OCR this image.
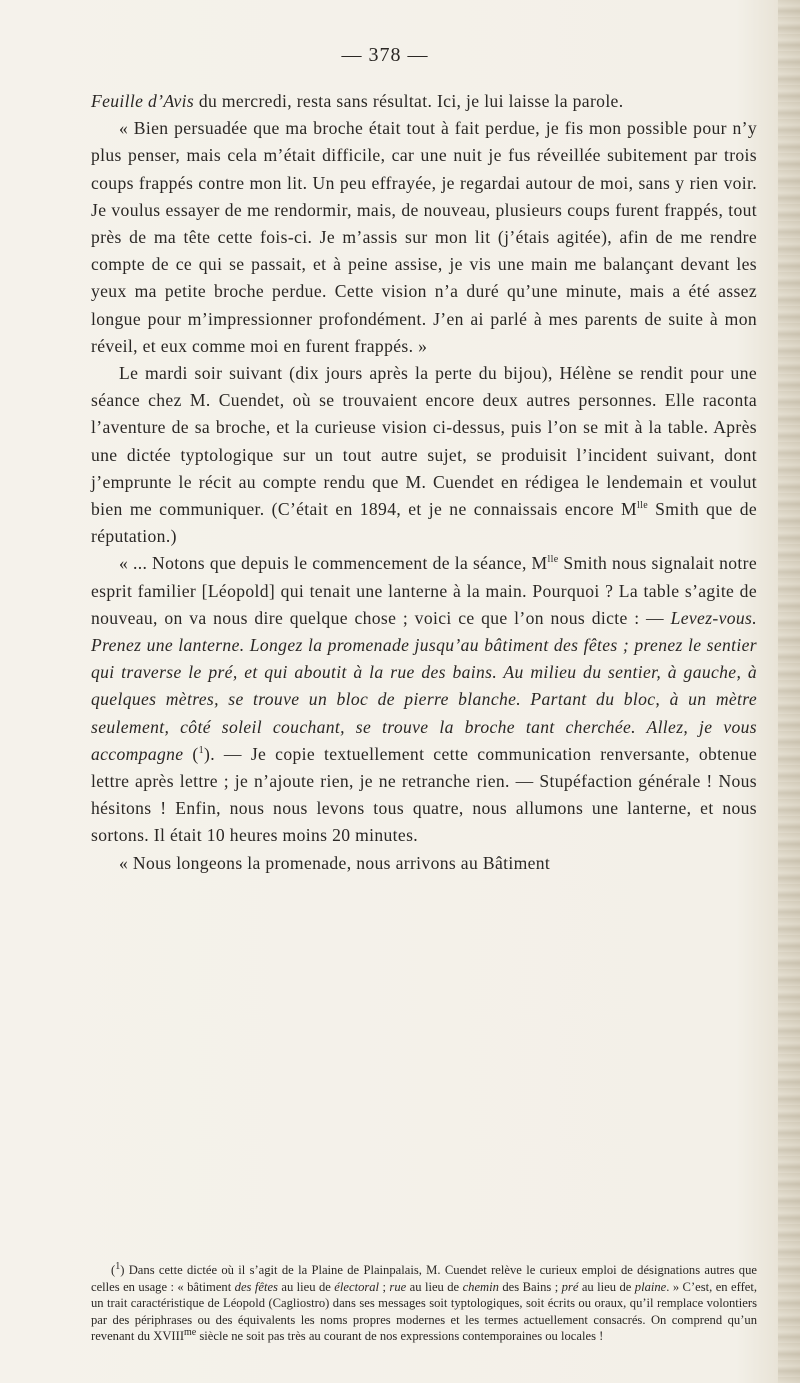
— 378 —

Feuille d’Avis du mercredi, resta sans résultat. Ici, je lui laisse la parole.

« Bien persuadée que ma broche était tout à fait perdue, je fis mon possible pour n’y plus penser, mais cela m’était difficile, car une nuit je fus réveillée subitement par trois coups frappés contre mon lit. Un peu effrayée, je regardai autour de moi, sans y rien voir. Je voulus essayer de me rendormir, mais, de nouveau, plusieurs coups furent frappés, tout près de ma tête cette fois-ci. Je m’assis sur mon lit (j’étais agitée), afin de me rendre compte de ce qui se passait, et à peine assise, je vis une main me balançant devant les yeux ma petite broche perdue. Cette vision n’a duré qu’une minute, mais a été assez longue pour m’impressionner profondément. J’en ai parlé à mes parents de suite à mon réveil, et eux comme moi en furent frappés. »

Le mardi soir suivant (dix jours après la perte du bijou), Hélène se rendit pour une séance chez M. Cuendet, où se trouvaient encore deux autres personnes. Elle raconta l’aventure de sa broche, et la curieuse vision ci-dessus, puis l’on se mit à la table. Après une dictée typtologique sur un tout autre sujet, se produisit l’incident suivant, dont j’emprunte le récit au compte rendu que M. Cuendet en rédigea le lendemain et voulut bien me communiquer. (C’était en 1894, et je ne connaissais encore $M^{lle}$ Smith que de réputation.)

« ... Notons que depuis le commencement de la séance, $M^{lle}$ Smith nous signalait notre esprit familier [Léopold] qui tenait une lanterne à la main. Pourquoi ? La table s’agite de nouveau, on va nous dire quelque chose ; voici ce que l’on nous dicte : — Levez-vous. Prenez une lanterne. Longez la promenade jusqu’au bâtiment des fêtes ; prenez le sentier qui traverse le pré, et qui aboutit à la rue des bains. Au milieu du sentier, à gauche, à quelques mètres, se trouve un bloc de pierre blanche. Partant du bloc, à un mètre seulement, côté soleil couchant, se trouve la broche tant cherchée. Allez, je vous accompagne ($^1$). — Je copie textuellement cette communication renversante, obtenue lettre après lettre ; je n’ajoute rien, je ne retranche rien. — Stupéfaction générale ! Nous hésitons ! Enfin, nous nous levons tous quatre, nous allumons une lanterne, et nous sortons. Il était 10 heures moins 20 minutes.

« Nous longeons la promenade, nous arrivons au Bâtiment

($^1$) Dans cette dictée où il s’agit de la Plaine de Plainpalais, M. Cuendet relève le curieux emploi de désignations autres que celles en usage : « bâtiment des fêtes au lieu de électoral ; rue au lieu de chemin des Bains ; pré au lieu de plaine. » C’est, en effet, un trait caractéristique de Léopold (Cagliostro) dans ses messages soit typtologiques, soit écrits ou oraux, qu’il remplace volontiers par des périphrases ou des équivalents les noms propres modernes et les termes actuellement consacrés. On comprend qu’un revenant du $XVIII^{me}$ siècle ne soit pas très au courant de nos expressions contemporaines ou locales !
